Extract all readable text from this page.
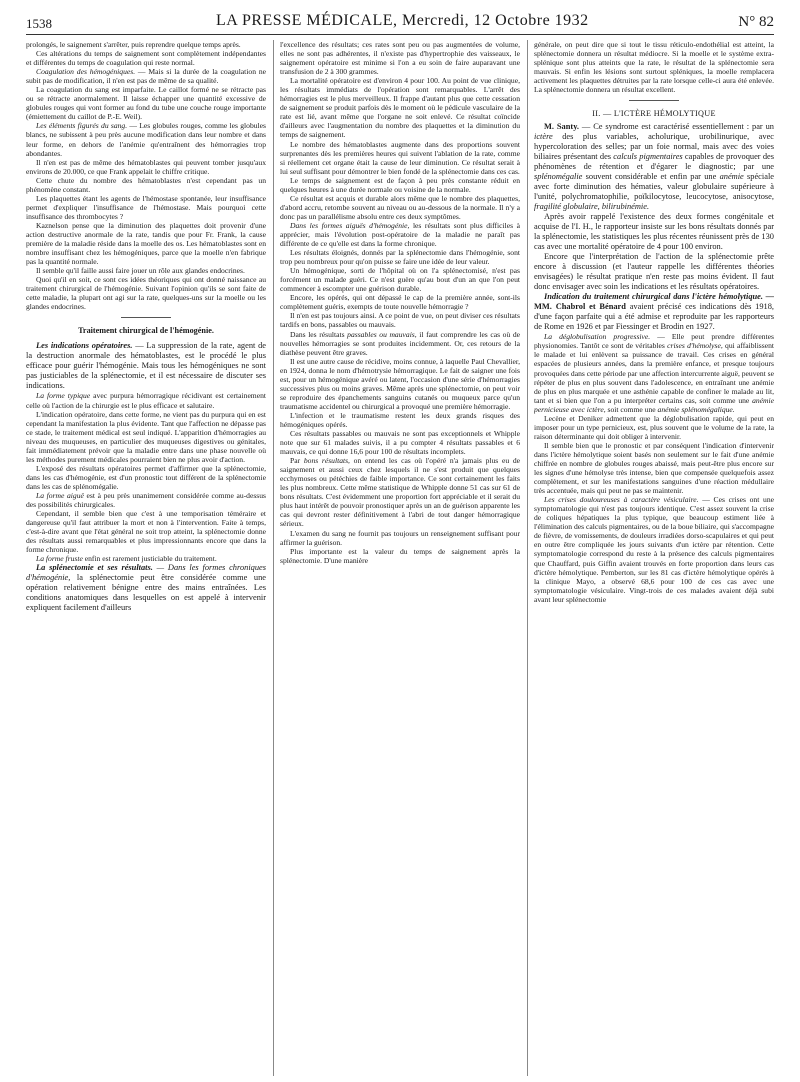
1538	LA PRESSE MÉDICALE, Mercredi, 12 Octobre 1932	N° 82

prolongés, le saignement s'arrêter, puis reprendre quelque temps après.

Ces altérations du temps de saignement sont complètement indépendantes et différentes du temps de coagulation qui reste normal.

Coagulation des hémogéniques. — Mais si la durée de la coagulation ne subit pas de modification, il n'en est pas de même de sa qualité.

La coagulation du sang est imparfaite. Le caillot formé ne se rétracte pas ou se rétracte anormalement. Il laisse échapper une quantité excessive de globules rouges qui vont former au fond du tube une couche rouge importante (émiettement du caillot de P.-E. Weil).

Les éléments figurés du sang. — Les globules rouges, comme les globules blancs, ne subissent à peu près aucune modification dans leur nombre et dans leur forme, en dehors de l'anémie qu'entraînent des hémorragies trop abondantes.

Il n'en est pas de même des hématoblastes qui peuvent tomber jusqu'aux environs de 20.000, ce que Frank appelait le chiffre critique.

Cette chute du nombre des hématoblastes n'est cependant pas un phénomène constant.

Les plaquettes étant les agents de l'hémostase spontanée, leur insuffisance permet d'expliquer l'insuffisance de l'hémostase. Mais pourquoi cette insuffisance des thrombocytes ?

Kaznelson pense que la diminution des plaquettes doit provenir d'une action destructive anormale de la rate, tandis que pour Fr. Frank, la cause première de la maladie réside dans la moelle des os. Les hématoblastes sont en nombre insuffisant chez les hémogéniques, parce que la moelle n'en fabrique pas la quantité normale.

Il semble qu'il faille aussi faire jouer un rôle aux glandes endocrines.

Quoi qu'il en soit, ce sont ces idées théoriques qui ont donné naissance au traitement chirurgical de l'hémogénie. Suivant l'opinion qu'ils se sont faite de cette maladie, la plupart ont agi sur la rate, quelques-uns sur la moelle ou les glandes endocrines.

Traitement chirurgical de l'hémogénie.

Les indications opératoires. — La suppression de la rate, agent de la destruction anormale des hématoblastes, est le procédé le plus efficace pour guérir l'hémogénie. Mais tous les hémogéniques ne sont pas justiciables de la splénectomie, et il est nécessaire de discuter ses indications.

La forme typique avec purpura hémorragique récidivant est certainement celle où l'action de la chirurgie est le plus efficace et salutaire.

L'indication opératoire, dans cette forme, ne vient pas du purpura qui en est cependant la manifestation la plus évidente. Tant que l'affection ne dépasse pas ce stade, le traitement médical est seul indiqué. L'apparition d'hémorragies au niveau des muqueuses, en particulier des muqueuses digestives ou génitales, fait immédiatement prévoir que la maladie entre dans une phase nouvelle où les méthodes purement médicales pourraient bien ne plus avoir d'action.

L'exposé des résultats opératoires permet d'affirmer que la splénectomie, dans les cas d'hémogénie, est d'un pronostic tout différent de la splénectomie dans les cas de splénomégalie.

La forme aiguë est à peu près unanimement considérée comme au-dessus des possibilités chirurgicales.

Cependant, il semble bien que c'est à une temporisation téméraire et dangereuse qu'il faut attribuer la mort et non à l'intervention. Faite à temps, c'est-à-dire avant que l'état général ne soit trop atteint, la splénectomie donne des résultats aussi remarquables et plus impressionnants encore que dans la forme chronique.

La forme fruste enfin est rarement justiciable du traitement.

La splénectomie et ses résultats. — Dans les formes chroniques d'hémogénie, la splénectomie peut être considérée comme une opération relativement bénigne entre des mains entraînées. Les conditions anatomiques dans lesquelles on est appelé à intervenir expliquent facilement d'ailleurs

l'excellence des résultats; ces rates sont peu ou pas augmentées de volume, elles ne sont pas adhérentes, il n'existe pas d'hypertrophie des vaisseaux, le saignement opératoire est minime si l'on a eu soin de faire auparavant une transfusion de 2 à 300 grammes.

La mortalité opératoire est d'environ 4 pour 100. Au point de vue clinique, les résultats immédiats de l'opération sont remarquables. L'arrêt des hémorragies est le plus merveilleux. Il frappe d'autant plus que cette cessation de saignement se produit parfois dès le moment où le pédicule vasculaire de la rate est lié, avant même que l'organe ne soit enlevé. Ce résultat coïncide d'ailleurs avec l'augmentation du nombre des plaquettes et la diminution du temps de saignement.

Le nombre des hématoblastes augmente dans des proportions souvent surprenantes dès les premières heures qui suivent l'ablation de la rate, comme si réellement cet organe était la cause de leur diminution. Ce résultat serait à lui seul suffisant pour démontrer le bien fondé de la splénectomie dans ces cas.

Le temps de saignement est de façon à peu près constante réduit en quelques heures à une durée normale ou voisine de la normale.

Ce résultat est acquis et durable alors même que le nombre des plaquettes, d'abord accru, retombe souvent au niveau ou au-dessous de la normale. Il n'y a donc pas un parallélisme absolu entre ces deux symptômes.

Dans les formes aiguës d'hémogénie, les résultats sont plus difficiles à apprécier, mais l'évolution post-opératoire de la maladie ne paraît pas différente de ce qu'elle est dans la forme chronique.

Les résultats éloignés, donnés par la splénectomie dans l'hémogénie, sont trop peu nombreux pour qu'on puisse se faire une idée de leur valeur.

Un hémogénique, sorti de l'hôpital où on l'a splénectomisé, n'est pas forcément un malade guéri. Ce n'est guère qu'au bout d'un an que l'on peut commencer à escompter une guérison durable.

Encore, les opérés, qui ont dépassé le cap de la première année, sont-ils complètement guéris, exempts de toute nouvelle hémorragie ?

Il n'en est pas toujours ainsi. A ce point de vue, on peut diviser ces résultats tardifs en bons, passables ou mauvais.

Dans les résultats passables ou mauvais, il faut comprendre les cas où de nouvelles hémorragies se sont produites incidemment. Or, ces retours de la diathèse peuvent être graves.

Il est une autre cause de récidive, moins connue, à laquelle Paul Chevallier, en 1924, donna le nom d'hémotrysie hémorragique. Le fait de saigner une fois est, pour un hémogénique avéré ou latent, l'occasion d'une série d'hémorragies successives plus ou moins graves. Même après une splénectomie, on peut voir se reproduire des épanchements sanguins cutanés ou muqueux parce qu'un traumatisme accidentel ou chirurgical a provoqué une première hémorragie.

L'infection et le traumatisme restent les deux grands risques des hémogéniques opérés.

Ces résultats passables ou mauvais ne sont pas exceptionnels et Whipple note que sur 61 malades suivis, il a pu compter 4 résultats passables et 6 mauvais, ce qui donne 16,6 pour 100 de résultats incomplets.

Par bons résultats, on entend les cas où l'opéré n'a jamais plus eu de saignement et aussi ceux chez lesquels il ne s'est produit que quelques ecchymoses ou pétéchies de faible importance. Ce sont certainement les faits les plus nombreux. Cette même statistique de Whipple donne 51 cas sur 61 de bons résultats. C'est évidemment une proportion fort appréciable et il serait du plus haut intérêt de pouvoir pronostiquer après un an de guérison apparente les cas qui devront rester définitivement à l'abri de tout danger hémorragique sérieux.

L'examen du sang ne fournit pas toujours un renseignement suffisant pour affirmer la guérison.

Plus importante est la valeur du temps de saignement après la splénectomie. D'une manière

générale, on peut dire que si tout le tissu réticulo-endothélial est atteint, la splénectomie donnera un résultat médiocre. Si la moelle et le système extra-splénique sont plus atteints que la rate, le résultat de la splénectomie sera mauvais. Si enfin les lésions sont surtout spléniques, la moelle remplacera activement les plaquettes détruites par la rate lorsque celle-ci aura été enlevée. La splénectomie donnera un résultat excellent.

II. — L'ICTÈRE HÉMOLYTIQUE

M. Santy. — Ce syndrome est caractérisé essentiellement : par un ictère des plus variables, acholurique, urobilinurique, avec hypercoloration des selles; par un foie normal, mais avec des voies biliaires présentant des calculs pigmentaires capables de provoquer des phénomènes de rétention et d'égarer le diagnostic; par une splénomégalie souvent considérable et enfin par une anémie spéciale avec forte diminution des hématies, valeur globulaire supérieure à l'unité, polychromatophilie, poïkilocytose, leucocytose, anisocytose, fragilité globulaire, bilirubinémie.

Après avoir rappelé l'existence des deux formes congénitale et acquise de l'I. H., le rapporteur insiste sur les bons résultats donnés par la splénectomie, les statistiques les plus récentes réunissent près de 130 cas avec une mortalité opératoire de 4 pour 100 environ.

Encore que l'interprétation de l'action de la splénectomie prête encore à discussion (et l'auteur rappelle les différentes théories envisagées) le résultat pratique n'en reste pas moins évident. Il faut donc envisager avec soin les indications et les résultats opératoires.

Indication du traitement chirurgical dans l'ictère hémolytique. — MM. Chabrol et Bénard avaient précisé ces indications dès 1918, d'une façon parfaite qui a été admise et reproduite par les rapporteurs de Rome en 1926 et par Fiessinger et Brodin en 1927.

La déglobulisation progressive. — Elle peut prendre différentes physionomies. Tantôt ce sont de véritables crises d'hémolyse, qui affaiblissent le malade et lui enlèvent sa puissance de travail. Ces crises en général espacées de plusieurs années, dans la première enfance, et presque toujours provoquées dans cette période par une affection intercurrente aiguë, peuvent se répéter de plus en plus souvent dans l'adolescence, en entraînant une anémie de plus en plus marquée et une asthénie capable de confiner le malade au lit, tant et si bien que l'on a pu interpréter certains cas, soit comme une anémie pernicieuse avec ictère, soit comme une anémie splénomégalique.

Lecène et Deniker admettent que la déglobulisation rapide, qui peut en imposer pour un type pernicieux, est, plus souvent que le volume de la rate, la raison déterminante qui doit obliger à intervenir.

Il semble bien que le pronostic et par conséquent l'indication d'intervenir dans l'ictère hémolytique soient basés non seulement sur le fait d'une anémie chiffrée en nombre de globules rouges abaissé, mais peut-être plus encore sur les signes d'une hémolyse très intense, bien que compensée quelquefois assez complètement, et sur les manifestations sanguines d'une réaction médullaire très accentuée, mais qui peut ne pas se maintenir.

Les crises douloureuses à caractère vésiculaire. — Ces crises ont une symptomatologie qui n'est pas toujours identique. C'est assez souvent la crise de coliques hépatiques la plus typique, que beaucoup estiment liée à l'élimination des calculs pigmentaires, ou de la boue biliaire, qui s'accompagne de fièvre, de vomissements, de douleurs irradiées dorso-scapulaires et qui peut en outre être compliquée les jours suivants d'un ictère par rétention. Cette symptomatologie correspond du reste à la présence des calculs pigmentaires que Chauffard, puis Giffin avaient trouvés en forte proportion dans leurs cas d'ictère hémolytique. Pemberton, sur les 81 cas d'ictère hémolytique opérés à la clinique Mayo, a observé 68,6 pour 100 de ces cas avec une symptomatologie vésiculaire. Vingt-trois de ces malades avaient déjà subi avant leur splénectomie
